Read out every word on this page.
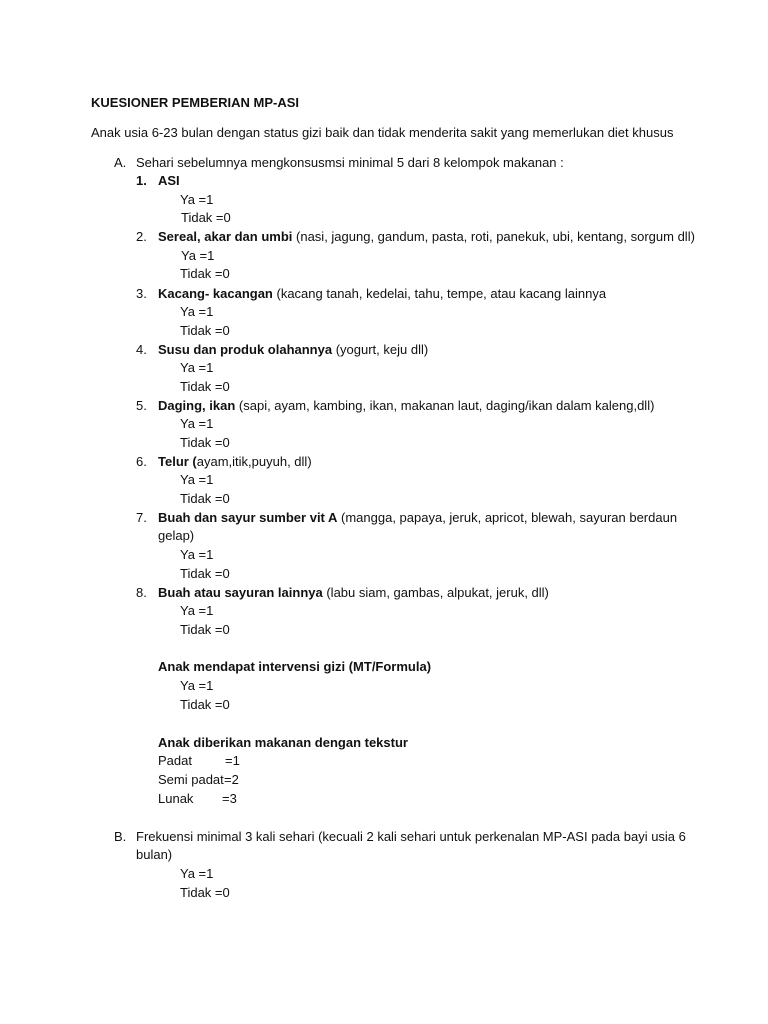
KUESIONER PEMBERIAN MP-ASI
Anak usia 6-23 bulan dengan status gizi baik dan tidak menderita sakit yang memerlukan diet khusus
A. Sehari sebelumnya mengkonsusmsi minimal 5 dari 8 kelompok makanan :
1. ASI
Ya =1
Tidak =0
2. Sereal, akar dan umbi (nasi, jagung, gandum, pasta, roti, panekuk, ubi, kentang, sorgum dll)
Ya =1
Tidak =0
3. Kacang- kacangan (kacang tanah, kedelai, tahu, tempe, atau kacang lainnya
Ya =1
Tidak =0
4. Susu dan produk olahannya (yogurt, keju dll)
Ya =1
Tidak =0
5. Daging, ikan (sapi, ayam, kambing, ikan, makanan laut, daging/ikan dalam kaleng,dll)
Ya =1
Tidak =0
6. Telur (ayam,itik,puyuh, dll)
Ya =1
Tidak =0
7. Buah dan sayur sumber vit A (mangga, papaya, jeruk, apricot, blewah, sayuran berdaun
gelap)
Ya =1
Tidak =0
8. Buah atau sayuran lainnya (labu siam, gambas, alpukat, jeruk, dll)
Ya =1
Tidak =0
Anak mendapat intervensi gizi (MT/Formula)
Ya =1
Tidak =0
Anak diberikan makanan dengan tekstur
Padat	=1
Semi padat =2
Lunak =3
B. Frekuensi minimal 3 kali sehari (kecuali 2 kali sehari untuk perkenalan MP-ASI pada bayi usia 6
bulan)
Ya =1
Tidak =0
